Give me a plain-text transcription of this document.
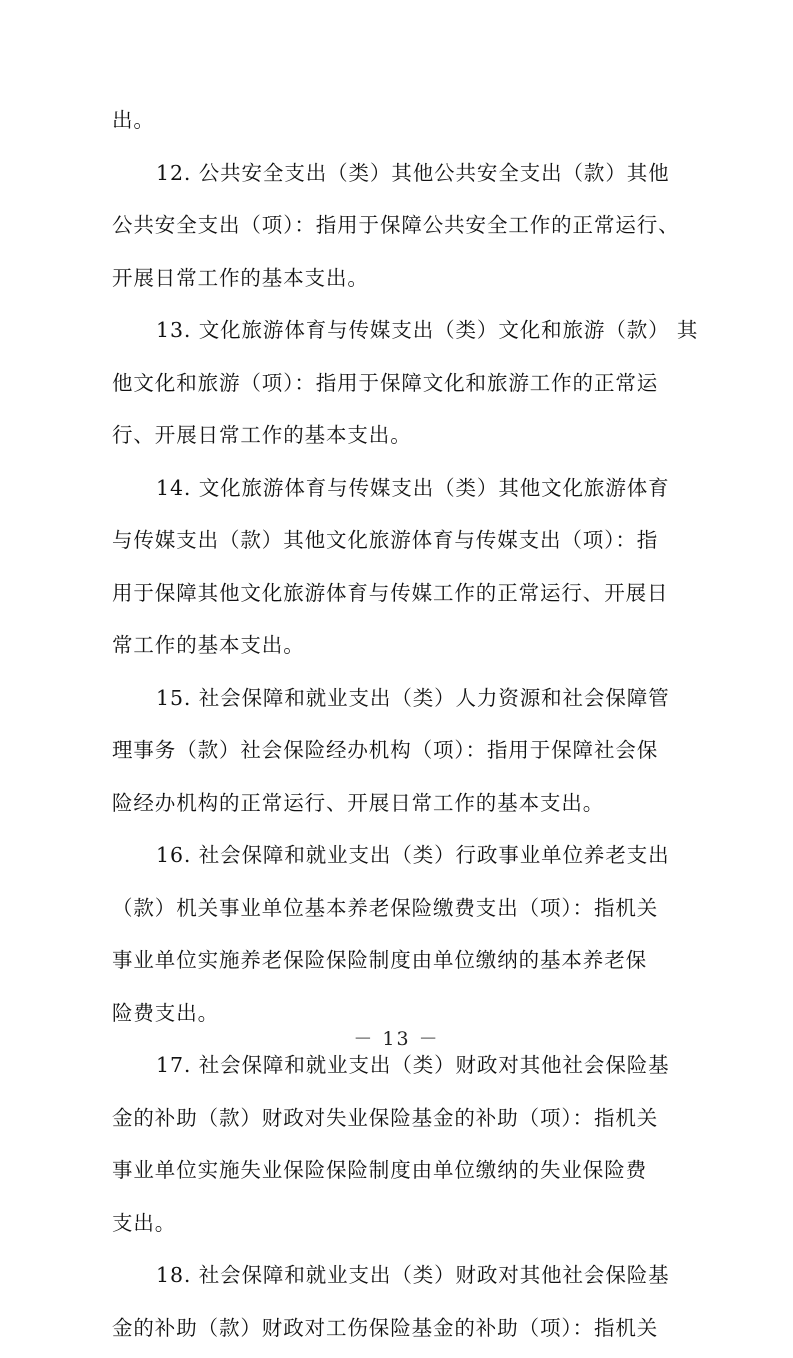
出。
12. 公共安全支出（类）其他公共安全支出（款）其他
公共安全支出（项）：指用于保障公共安全工作的正常运行、
开展日常工作的基本支出。
13. 文化旅游体育与传媒支出（类）文化和旅游（款） 其
他文化和旅游（项）：指用于保障文化和旅游工作的正常运
行、开展日常工作的基本支出。
14. 文化旅游体育与传媒支出（类）其他文化旅游体育
与传媒支出（款）其他文化旅游体育与传媒支出（项）：指
用于保障其他文化旅游体育与传媒工作的正常运行、开展日
常工作的基本支出。
15. 社会保障和就业支出（类）人力资源和社会保障管
理事务（款）社会保险经办机构（项）：指用于保障社会保
险经办机构的正常运行、开展日常工作的基本支出。
16. 社会保障和就业支出（类）行政事业单位养老支出
（款）机关事业单位基本养老保险缴费支出（项）：指机关
事业单位实施养老保险保险制度由单位缴纳的基本养老保
险费支出。
17. 社会保障和就业支出（类）财政对其他社会保险基
金的补助（款）财政对失业保险基金的补助（项）：指机关
事业单位实施失业保险保险制度由单位缴纳的失业保险费
支出。
18. 社会保障和就业支出（类）财政对其他社会保险基
金的补助（款）财政对工伤保险基金的补助（项）：指机关
－ 13 －
